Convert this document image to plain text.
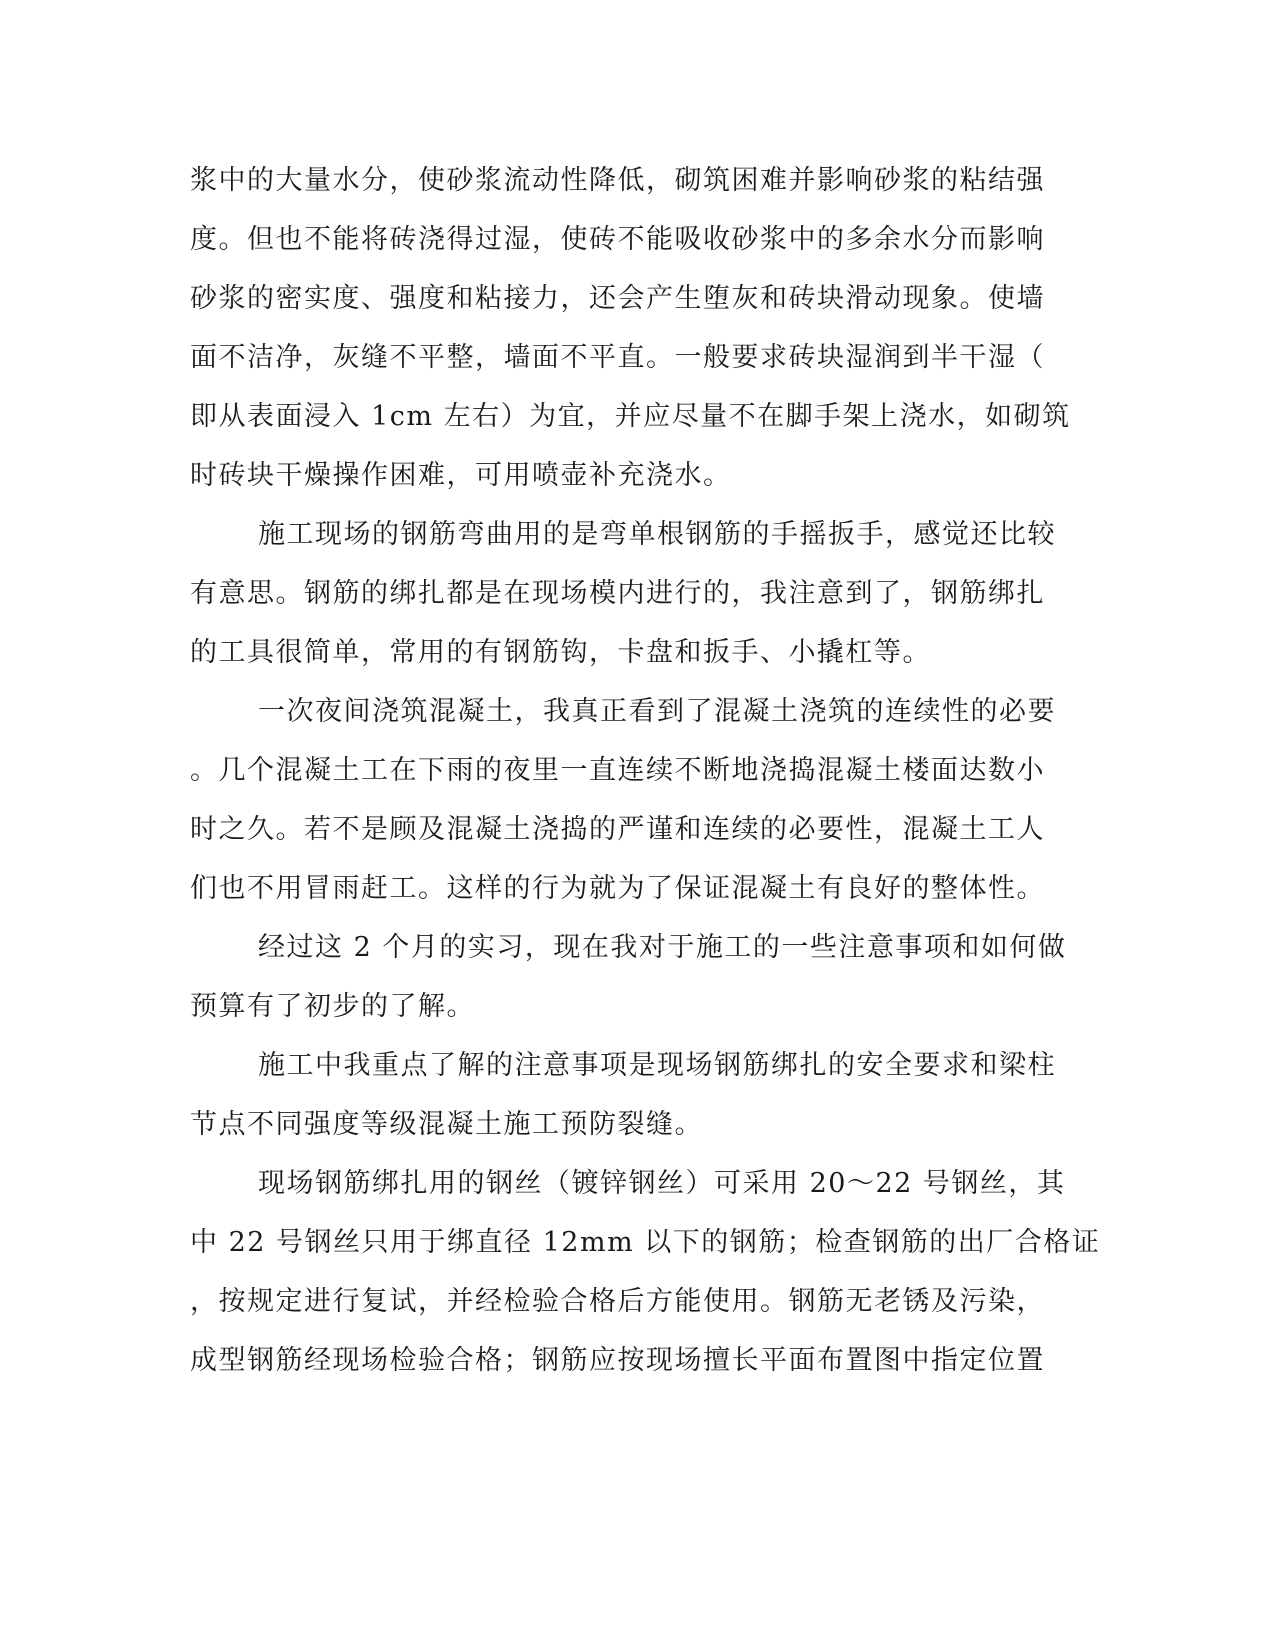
浆中的大量水分，使砂浆流动性降低，砌筑困难并影响砂浆的粘结强
度。但也不能将砖浇得过湿，使砖不能吸收砂浆中的多余水分而影响
砂浆的密实度、强度和粘接力，还会产生堕灰和砖块滑动现象。使墙
面不洁净，灰缝不平整，墙面不平直。一般要求砖块湿润到半干湿（
即从表面浸入 1cm 左右）为宜，并应尽量不在脚手架上浇水，如砌筑
时砖块干燥操作困难，可用喷壶补充浇水。
施工现场的钢筋弯曲用的是弯单根钢筋的手摇扳手，感觉还比较
有意思。钢筋的绑扎都是在现场模内进行的，我注意到了，钢筋绑扎
的工具很简单，常用的有钢筋钩，卡盘和扳手、小撬杠等。
一次夜间浇筑混凝土，我真正看到了混凝土浇筑的连续性的必要
。几个混凝土工在下雨的夜里一直连续不断地浇捣混凝土楼面达数小
时之久。若不是顾及混凝土浇捣的严谨和连续的必要性，混凝土工人
们也不用冒雨赶工。这样的行为就为了保证混凝土有良好的整体性。
经过这 2 个月的实习，现在我对于施工的一些注意事项和如何做
预算有了初步的了解。
施工中我重点了解的注意事项是现场钢筋绑扎的安全要求和梁柱
节点不同强度等级混凝土施工预防裂缝。
现场钢筋绑扎用的钢丝（镀锌钢丝）可采用 20～22 号钢丝，其
中 22 号钢丝只用于绑直径 12mm 以下的钢筋；检查钢筋的出厂合格证
，按规定进行复试，并经检验合格后方能使用。钢筋无老锈及污染，
成型钢筋经现场检验合格；钢筋应按现场擅长平面布置图中指定位置
